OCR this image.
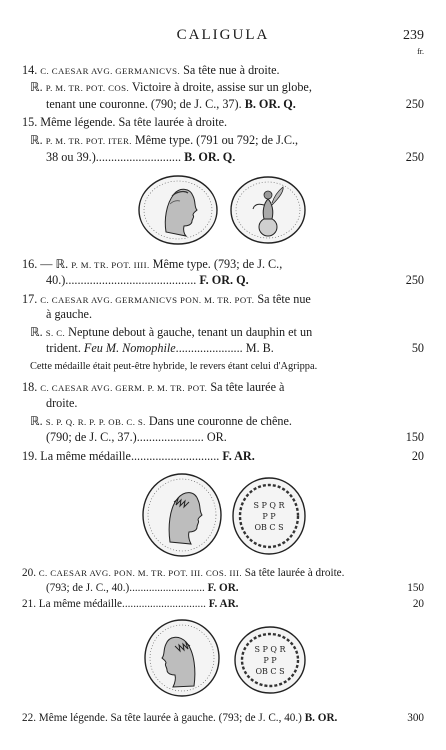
CALIGULA	239
fr.
14. C. CAESAR AVG. GERMANICVS. Sa tête nue à droite.
ℝ. P. M. TR. POT. COS. Victoire à droite, assise sur un globe,
tenant une couronne. (790; de J. C., 37). B. OR. Q.	250
15. Même légende. Sa tête laurée à droite.
ℝ. P. M. TR. POT. ITER. Même type. (791 ou 792; de J.C.,
38 ou 39.)............................ B. OR. Q.	250
16. — ℝ. P. M. TR. POT. IIII. Même type. (793; de J. C.,
40.)........................................... F. OR. Q.	250
17. C. CAESAR AVG. GERMANICVS PON. M. TR. POT. Sa tête nue
à gauche.
ℝ. S. C. Neptune debout à gauche, tenant un dauphin et un
trident. Feu M. Nomophile...................... M. B.	50
Cette médaille était peut-être hybride, le revers étant celui d'Agrippa.
18. C. CAESAR AVG. GERM. P. M. TR. POT. Sa tête laurée à
droite.
ℝ. S. P. Q. R. P. P. OB. C. S. Dans une couronne de chêne.
(790; de J. C., 37.)...................... OR.	150
19. La même médaille............................. F. AR.	20
S P Q R
P P
OB C S
20. C. CAESAR AVG. PON. M. TR. POT. III. COS. III. Sa tête laurée à droite.
(793; de J. C., 40.)........................... F. OR.	150
21. La même médaille.............................. F. AR.	20
S P Q R
P P
OB C S
22. Même légende. Sa tête laurée à gauche. (793; de J. C., 40.) B. OR.	300
